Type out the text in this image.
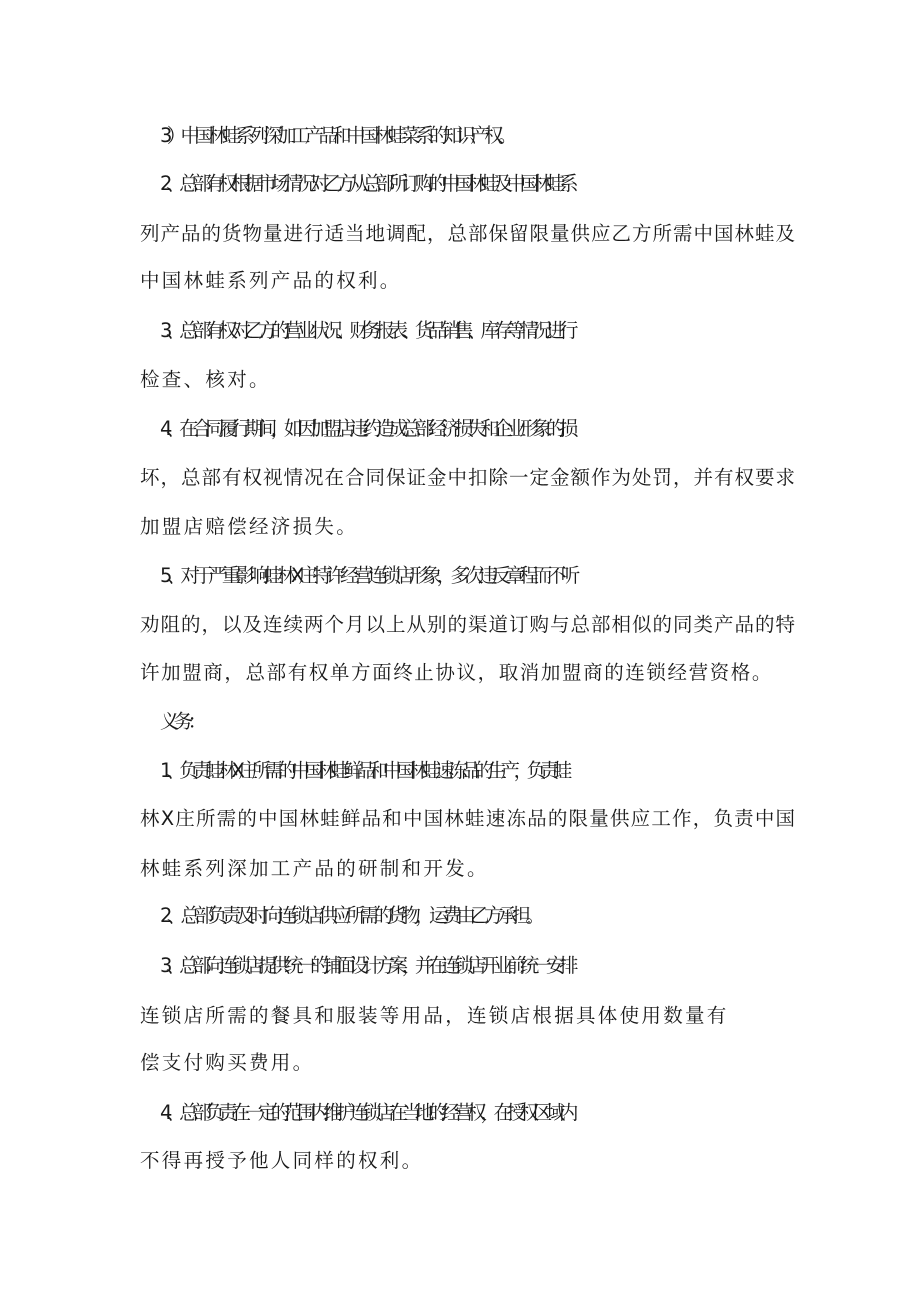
3）中国林蛙系列深加工产品和中国林蛙菜系的知识产权。

2、总部有权根据市场情况对乙方从总部所订购的中国林蛙及中国林蛙系

列产品的货物量进行适当地调配，总部保留限量供应乙方所需中国林蛙及

中国林蛙系列产品的权利。

3、总部有权对乙方的营业状况、财务报表、货品销售、库存等情况进行

检查、核对。

4、在合同履行期间，如因加盟店违约造成总部经济损失和企业形象的损

坏，总部有权视情况在合同保证金中扣除一定金额作为处罚，并有权要求

加盟店赔偿经济损失。

5、对于严重影响蛙林X庄特许经营连锁店形象，多次违反章程而不听

劝阻的，以及连续两个月以上从别的渠道订购与总部相似的同类产品的特

许加盟商，总部有权单方面终止协议，取消加盟商的连锁经营资格。

义务：

1、负责蛙林X庄所需的中国林蛙鲜品和中国林蛙速冻品的生产，负责蛙

林X庄所需的中国林蛙鲜品和中国林蛙速冻品的限量供应工作，负责中国

林蛙系列深加工产品的研制和开发。

2、总部负责及时向连锁店供应所需的货物，运费由乙方承担。

3、总部向连锁店提供统一的铺面设计方案，并在连锁店开业前统一安排

连锁店所需的餐具和服装等用品，连锁店根据具体使用数量有

偿支付购买费用。

4、总部负责在一定的范围内维护连锁店在当地的经营权，在授权区域内

不得再授予他人同样的权利。
